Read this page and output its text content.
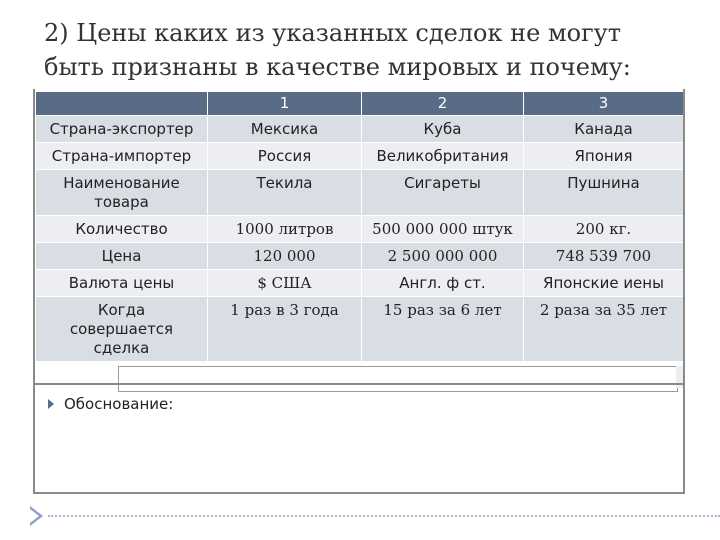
2) Цены каких из указанных сделок не могут
быть признаны в качестве мировых и почему:
	1	2	3
Страна-экспортер	Мексика	Куба	Канада
Страна-импортер	Россия	Великобритания	Япония
Наименование товара	Текила	Сигареты	Пушнина
Количество	1000 литров	500 000 000 штук	200 кг.
Цена	120 000	2 500 000 000	748 539 700
Валюта цены	$ США	Англ. ф ст.	Японские иены
Когда совершается сделка	1 раз в 3 года	15 раз за 6 лет	2 раза за 35 лет
Обоснование:
